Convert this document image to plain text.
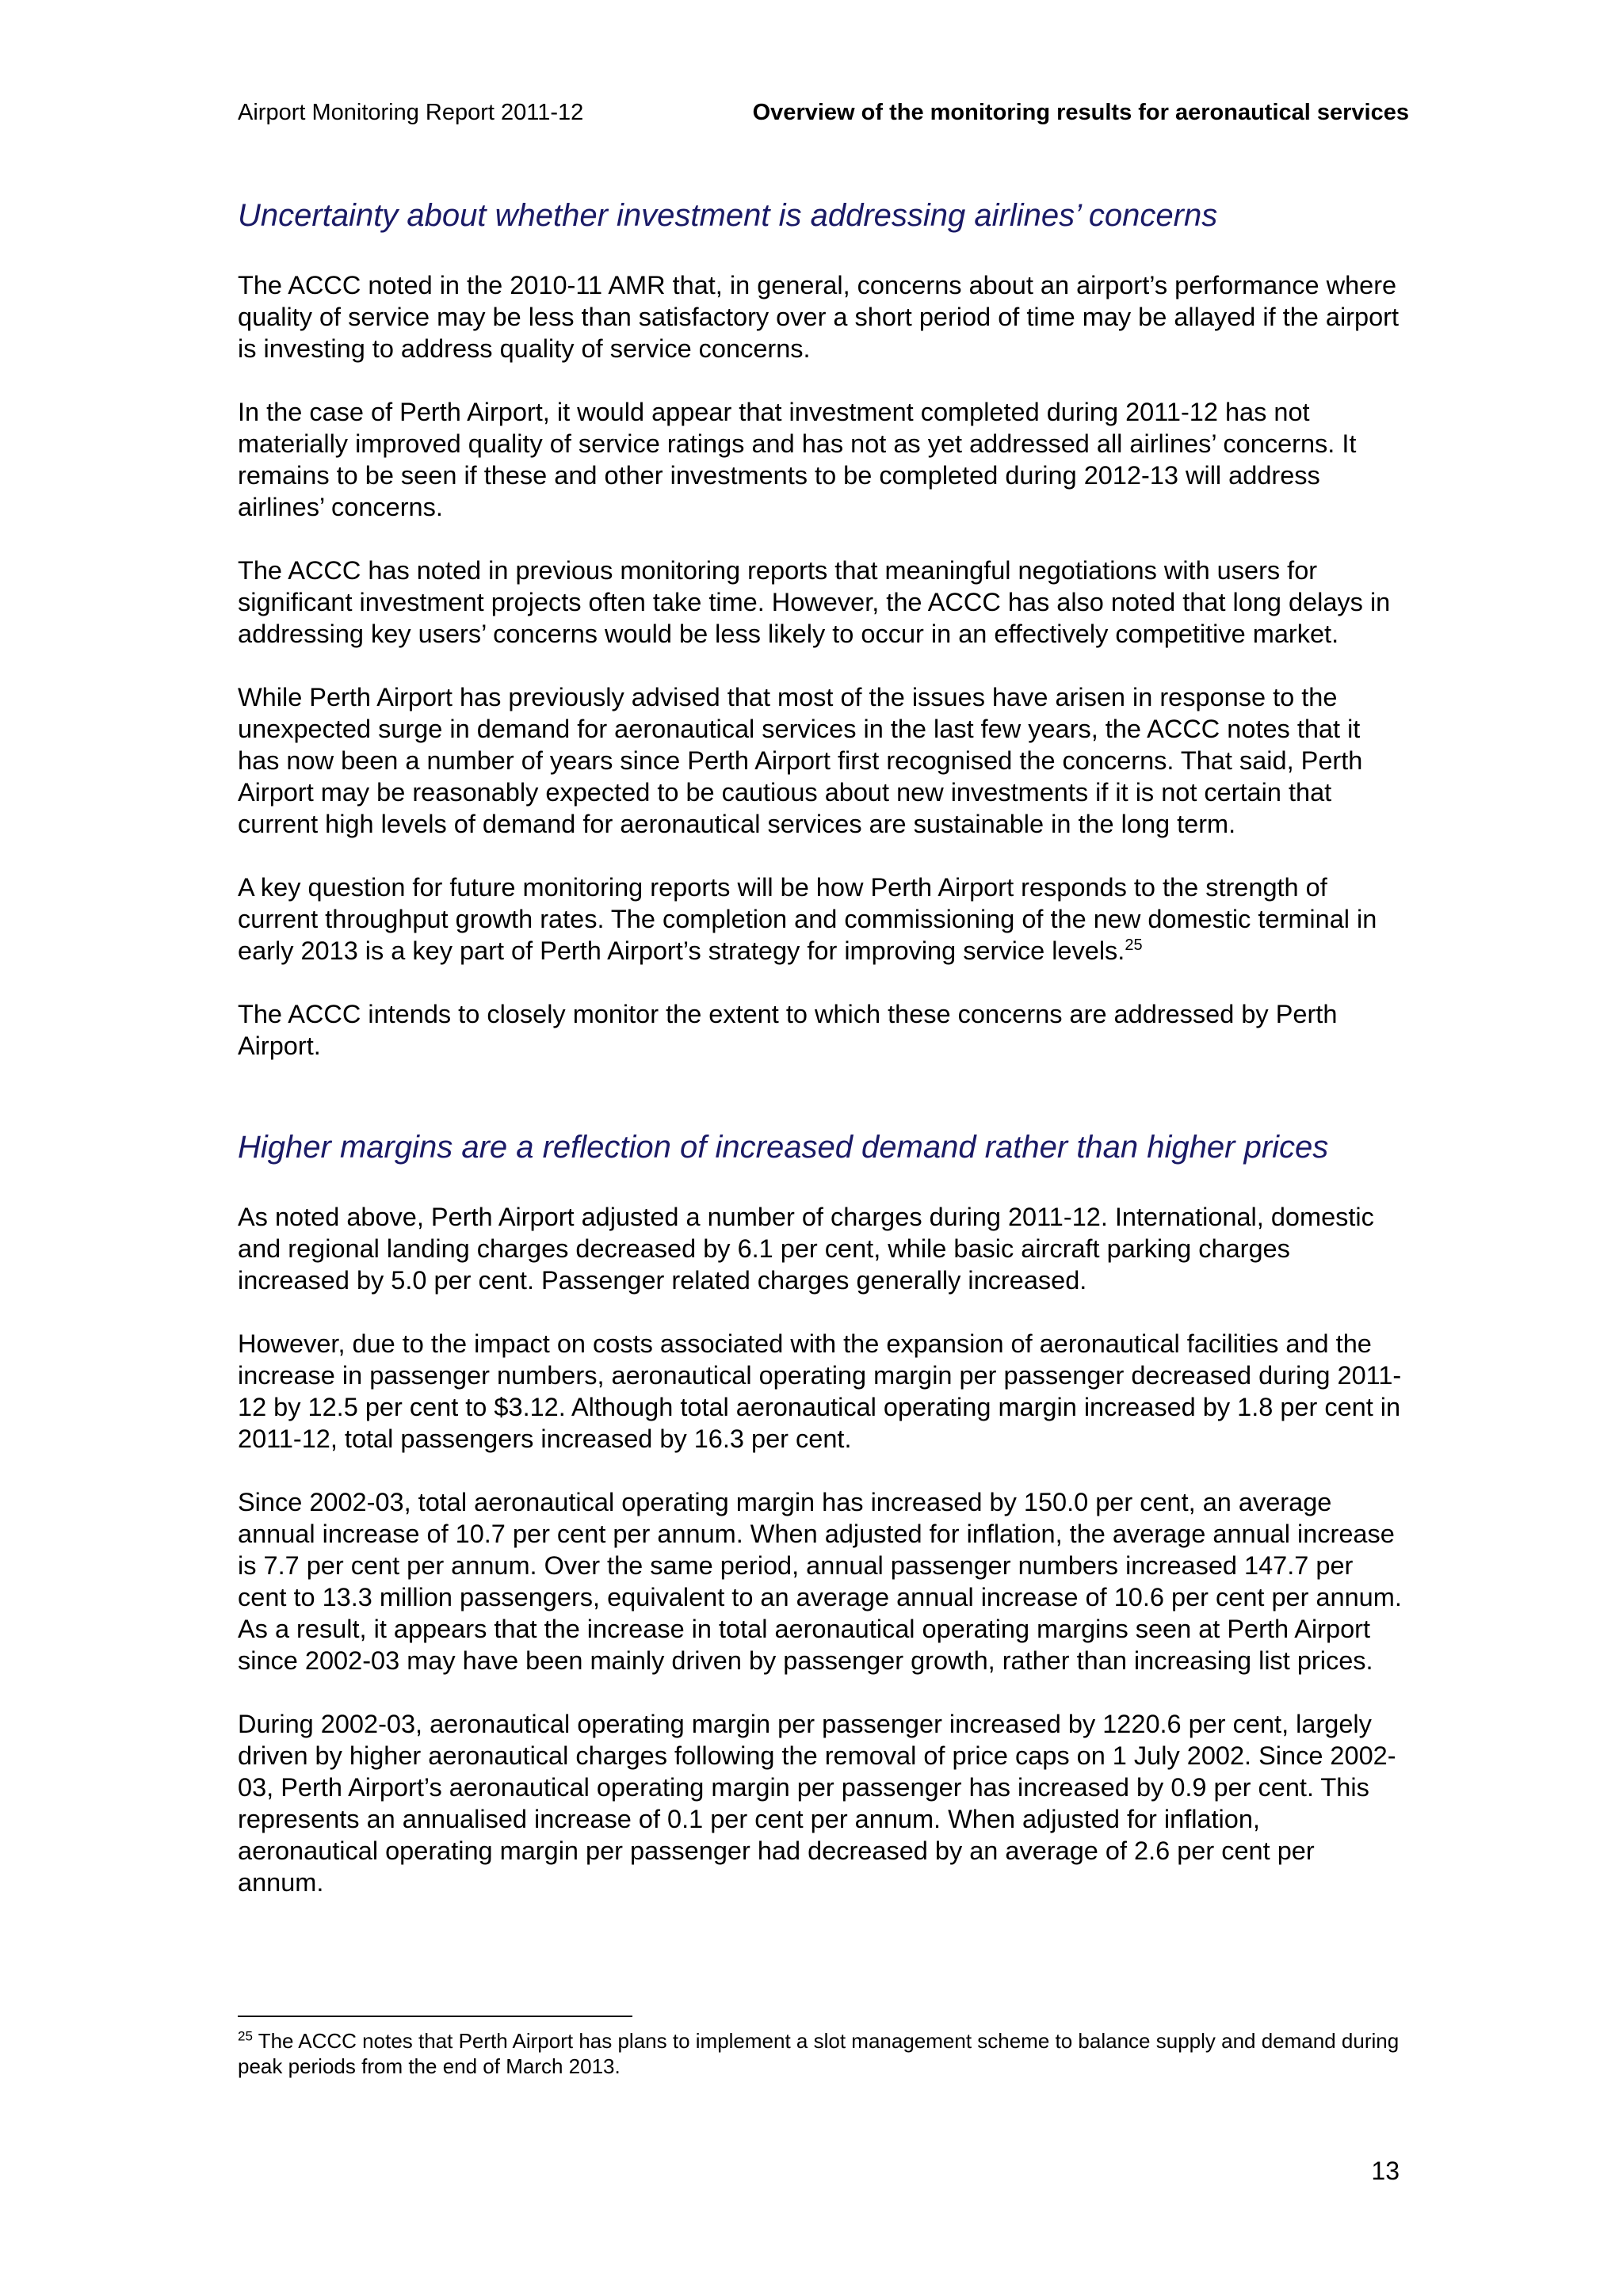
Airport Monitoring Report 2011-12	Overview of the monitoring results for aeronautical services
Uncertainty about whether investment is addressing airlines’ concerns

The ACCC noted in the 2010-11 AMR that, in general, concerns about an airport’s performance where quality of service may be less than satisfactory over a short period of time may be allayed if the airport is investing to address quality of service concerns.

In the case of Perth Airport, it would appear that investment completed during 2011-12 has not materially improved quality of service ratings and has not as yet addressed all airlines’ concerns. It remains to be seen if these and other investments to be completed during 2012-13 will address airlines’ concerns.

The ACCC has noted in previous monitoring reports that meaningful negotiations with users for significant investment projects often take time. However, the ACCC has also noted that long delays in addressing key users’ concerns would be less likely to occur in an effectively competitive market.

While Perth Airport has previously advised that most of the issues have arisen in response to the unexpected surge in demand for aeronautical services in the last few years, the ACCC notes that it has now been a number of years since Perth Airport first recognised the concerns. That said, Perth Airport may be reasonably expected to be cautious about new investments if it is not certain that current high levels of demand for aeronautical services are sustainable in the long term.

A key question for future monitoring reports will be how Perth Airport responds to the strength of current throughput growth rates. The completion and commissioning of the new domestic terminal in early 2013 is a key part of Perth Airport’s strategy for improving service levels.$^{25}$

The ACCC intends to closely monitor the extent to which these concerns are addressed by Perth Airport.

Higher margins are a reflection of increased demand rather than higher prices

As noted above, Perth Airport adjusted a number of charges during 2011-12. International, domestic and regional landing charges decreased by 6.1 per cent, while basic aircraft parking charges increased by 5.0 per cent. Passenger related charges generally increased.

However, due to the impact on costs associated with the expansion of aeronautical facilities and the increase in passenger numbers, aeronautical operating margin per passenger decreased during 2011-12 by 12.5 per cent to $3.12. Although total aeronautical operating margin increased by 1.8 per cent in 2011-12, total passengers increased by 16.3 per cent.

Since 2002-03, total aeronautical operating margin has increased by 150.0 per cent, an average annual increase of 10.7 per cent per annum. When adjusted for inflation, the average annual increase is 7.7 per cent per annum. Over the same period, annual passenger numbers increased 147.7 per cent to 13.3 million passengers, equivalent to an average annual increase of 10.6 per cent per annum. As a result, it appears that the increase in total aeronautical operating margins seen at Perth Airport since 2002-03 may have been mainly driven by passenger growth, rather than increasing list prices.

During 2002-03, aeronautical operating margin per passenger increased by 1220.6 per cent, largely driven by higher aeronautical charges following the removal of price caps on 1 July 2002. Since 2002-03, Perth Airport’s aeronautical operating margin per passenger has increased by 0.9 per cent. This represents an annualised increase of 0.1 per cent per annum. When adjusted for inflation, aeronautical operating margin per passenger had decreased by an average of 2.6 per cent per annum.

$^{25}$ The ACCC notes that Perth Airport has plans to implement a slot management scheme to balance supply and demand during peak periods from the end of March 2013.

13
